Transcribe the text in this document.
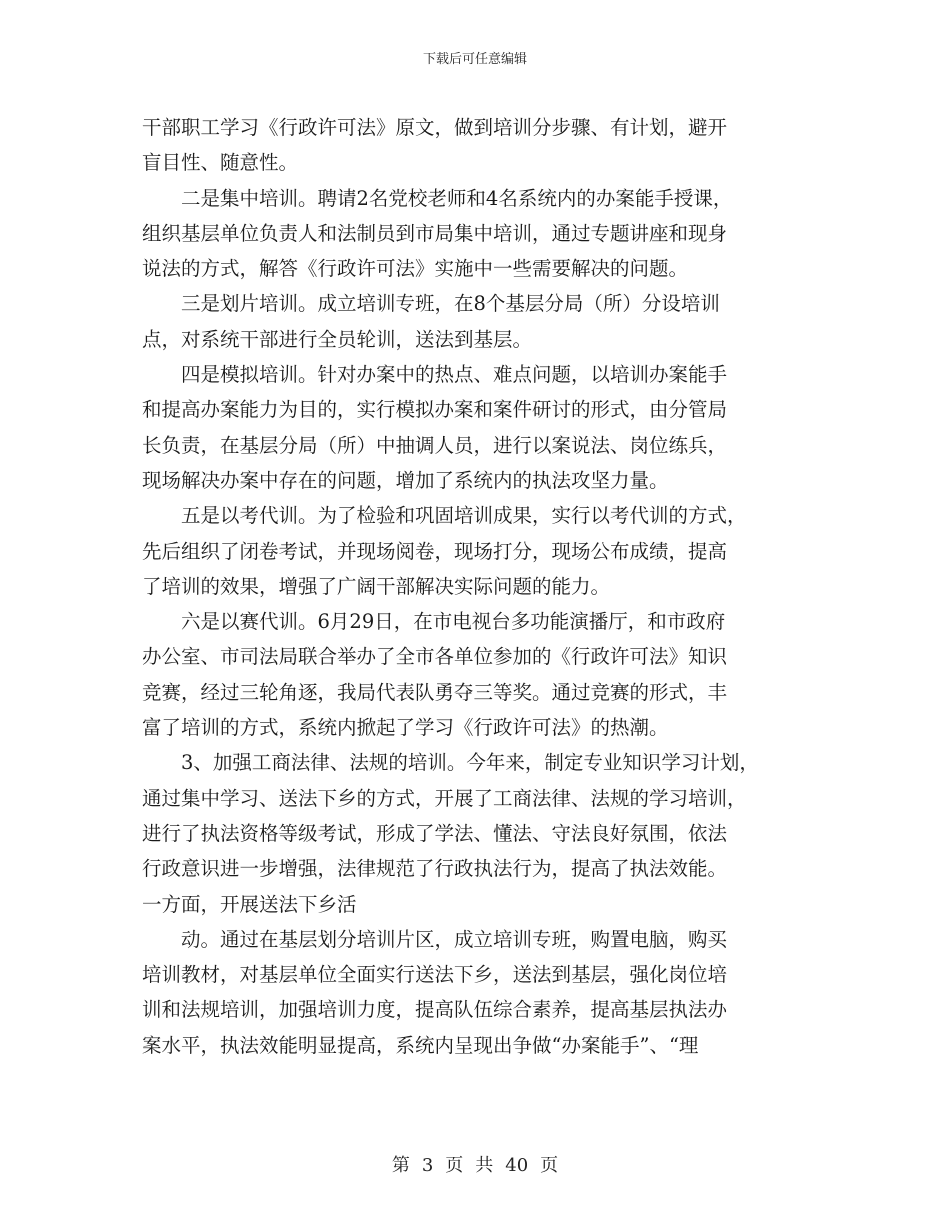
下载后可任意编辑
干部职工学习《行政许可法》原文，做到培训分步骤、有计划，避开
盲目性、随意性。
二是集中培训。聘请2名党校老师和4名系统内的办案能手授课，
组织基层单位负责人和法制员到市局集中培训，通过专题讲座和现身
说法的方式，解答《行政许可法》实施中一些需要解决的问题。
三是划片培训。成立培训专班，在8个基层分局（所）分设培训
点，对系统干部进行全员轮训，送法到基层。
四是模拟培训。针对办案中的热点、难点问题，以培训办案能手
和提高办案能力为目的，实行模拟办案和案件研讨的形式，由分管局
长负责，在基层分局（所）中抽调人员，进行以案说法、岗位练兵，
现场解决办案中存在的问题，增加了系统内的执法攻坚力量。
五是以考代训。为了检验和巩固培训成果，实行以考代训的方式，
先后组织了闭卷考试，并现场阅卷，现场打分，现场公布成绩，提高
了培训的效果，增强了广阔干部解决实际问题的能力。
六是以赛代训。6月29日，在市电视台多功能演播厅，和市政府
办公室、市司法局联合举办了全市各单位参加的《行政许可法》知识
竞赛，经过三轮角逐，我局代表队勇夺三等奖。通过竞赛的形式，丰
富了培训的方式，系统内掀起了学习《行政许可法》的热潮。
3、加强工商法律、法规的培训。今年来，制定专业知识学习计划，
通过集中学习、送法下乡的方式，开展了工商法律、法规的学习培训，
进行了执法资格等级考试，形成了学法、懂法、守法良好氛围，依法
行政意识进一步增强，法律规范了行政执法行为，提高了执法效能。
一方面，开展送法下乡活
动。通过在基层划分培训片区，成立培训专班，购置电脑，购买
培训教材，对基层单位全面实行送法下乡，送法到基层，强化岗位培
训和法规培训，加强培训力度，提高队伍综合素养，提高基层执法办
案水平，执法效能明显提高，系统内呈现出争做“办案能手”、“理
第 3 页 共 40 页
